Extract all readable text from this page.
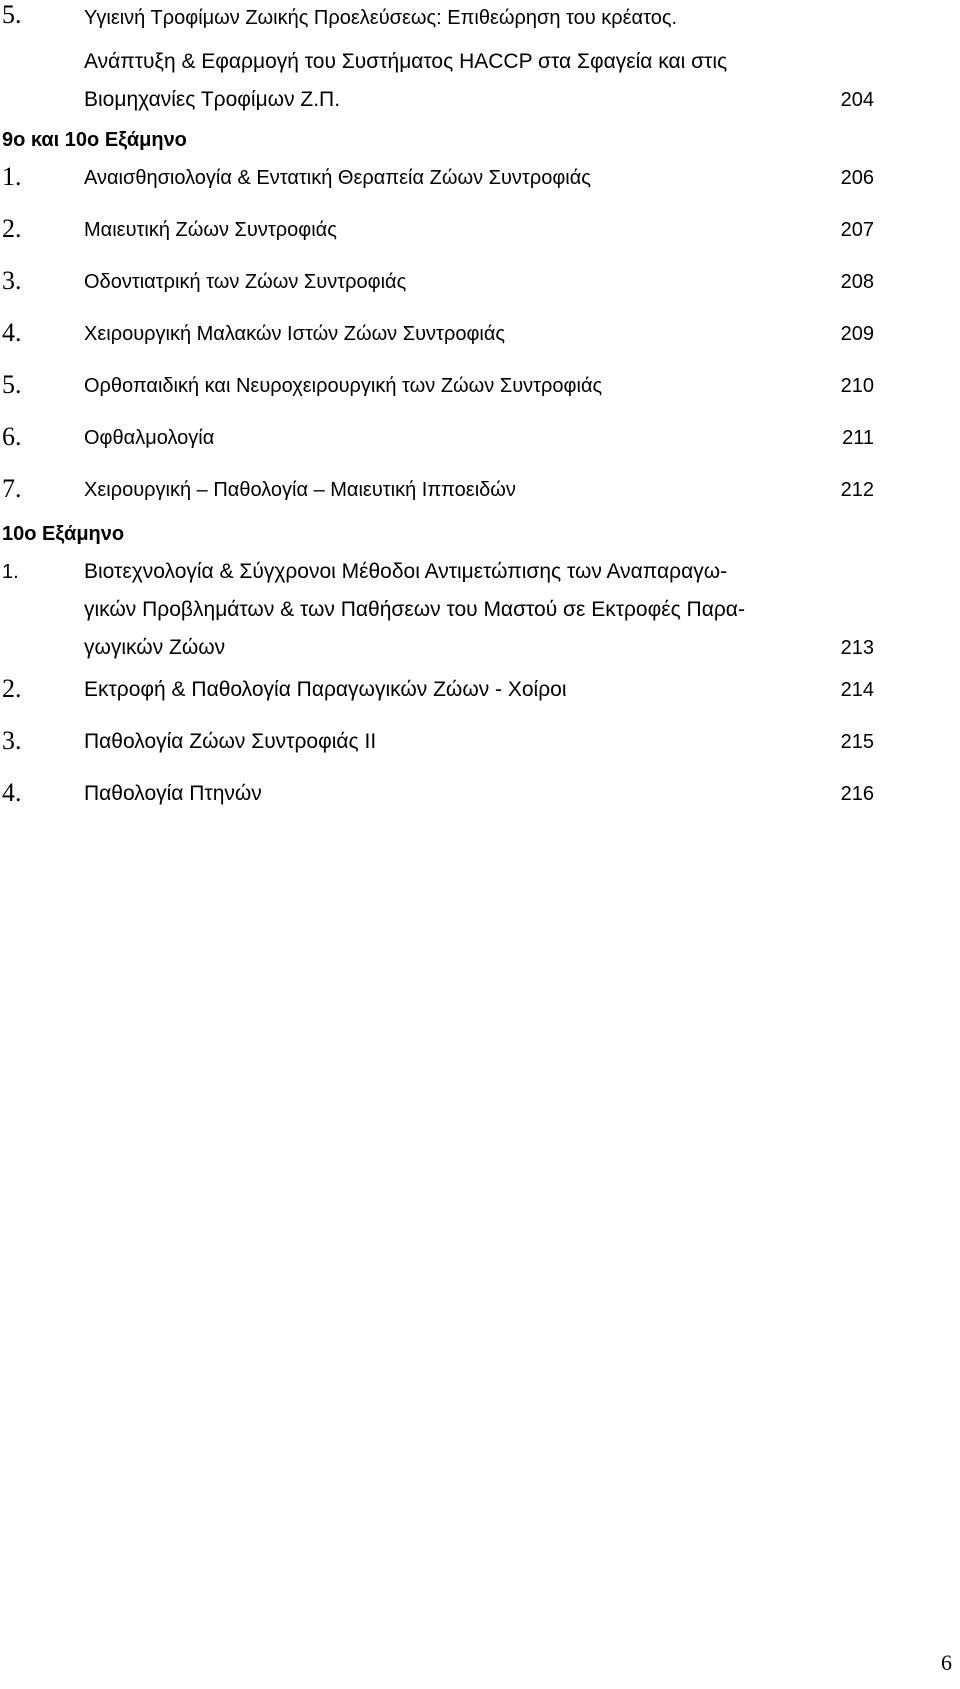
5.	Υγιεινή Τροφίμων Ζωικής Προελεύσεως: Επιθεώρηση του κρέατος.
Ανάπτυξη & Εφαρμογή του Συστήματος HACCP στα Σφαγεία και στις
Βιομηχανίες Τροφίμων Ζ.Π.	204
9ο και 10ο Εξάμηνο
1.	Αναισθησιολογία & Εντατική Θεραπεία Ζώων Συντροφιάς	206
2.	Μαιευτική Ζώων Συντροφιάς	207
3.	Οδοντιατρική των Ζώων Συντροφιάς	208
4.	Χειρουργική Μαλακών Ιστών Ζώων Συντροφιάς	209
5.	Ορθοπαιδική και Νευροχειρουργική των Ζώων Συντροφιάς	210
6.	Οφθαλμολογία	211
7.	Χειρουργική – Παθολογία – Μαιευτική Ιπποειδών	212
10ο Εξάμηνο
1.	Βιοτεχνολογία & Σύγχρονοι Μέθοδοι Αντιμετώπισης των Αναπαραγω-
γικών Προβλημάτων & των Παθήσεων του Μαστού σε Εκτροφές Παρα-
γωγικών Ζώων	213
2.	Εκτροφή & Παθολογία Παραγωγικών Ζώων - Χοίροι	214
3.	Παθολογία Ζώων Συντροφιάς ΙΙ	215
4.	Παθολογία Πτηνών	216
6
